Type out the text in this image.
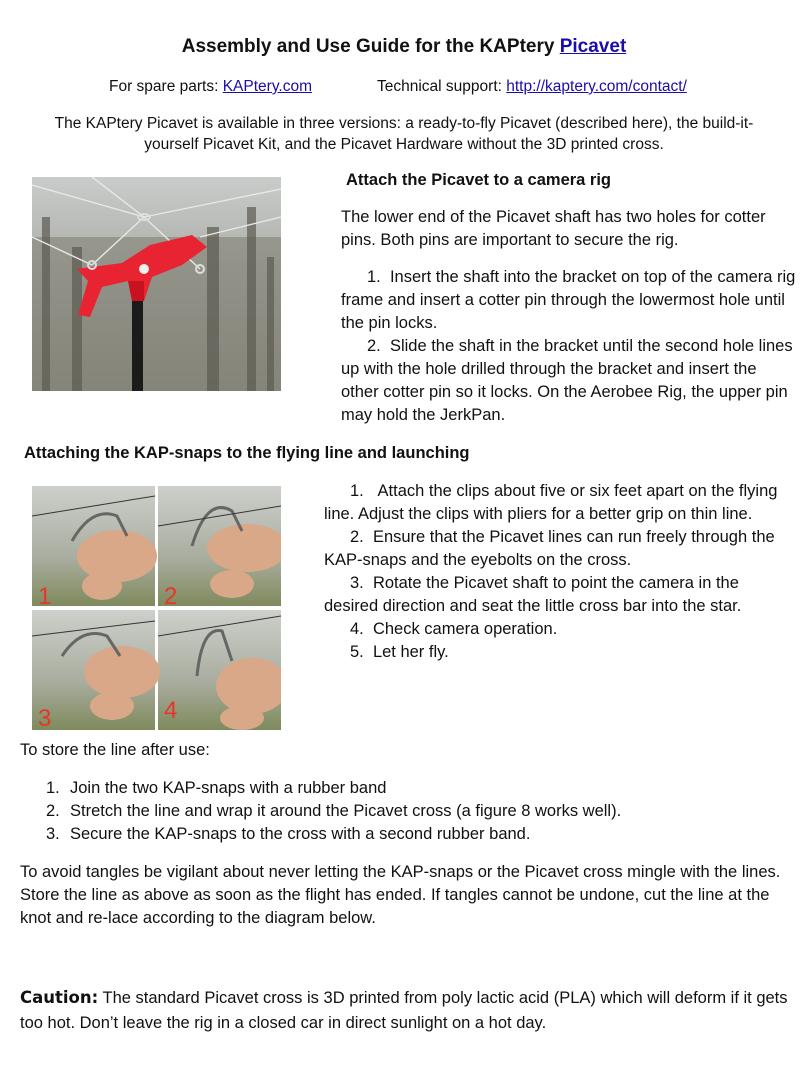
Assembly and Use Guide for the KAPtery Picavet
For spare parts: KAPtery.com	Technical support: http://kaptery.com/contact/
The KAPtery Picavet is available in three versions: a ready-to-fly Picavet (described here), the build-it-yourself Picavet Kit, and the Picavet Hardware without the 3D printed cross.
Attach the Picavet to a camera rig
The lower end of the Picavet shaft has two holes for cotter pins. Both pins are important to secure the rig.
1. Insert the shaft into the bracket on top of the camera rig frame and insert a cotter pin through the lowermost hole until the pin locks.
2. Slide the shaft in the bracket until the second hole lines up with the hole drilled through the bracket and insert the other cotter pin so it locks. On the Aerobee Rig, the upper pin may hold the JerkPan.
Attaching the KAP-snaps to the flying line and launching
1	2
3	4
1. Attach the clips about five or six feet apart on the flying line. Adjust the clips with pliers for a better grip on thin line.
2. Ensure that the Picavet lines can run freely through the KAP-snaps and the eyebolts on the cross.
3. Rotate the Picavet shaft to point the camera in the desired direction and seat the little cross bar into the star.
4. Check camera operation.
5. Let her fly.
To store the line after use:
1. Join the two KAP-snaps with a rubber band
2. Stretch the line and wrap it around the Picavet cross (a figure 8 works well).
3. Secure the KAP-snaps to the cross with a second rubber band.
To avoid tangles be vigilant about never letting the KAP-snaps or the Picavet cross mingle with the lines. Store the line as above as soon as the flight has ended. If tangles cannot be undone, cut the line at the knot and re-lace according to the diagram below.
Caution: The standard Picavet cross is 3D printed from poly lactic acid (PLA) which will deform if it gets too hot. Don’t leave the rig in a closed car in direct sunlight on a hot day.
